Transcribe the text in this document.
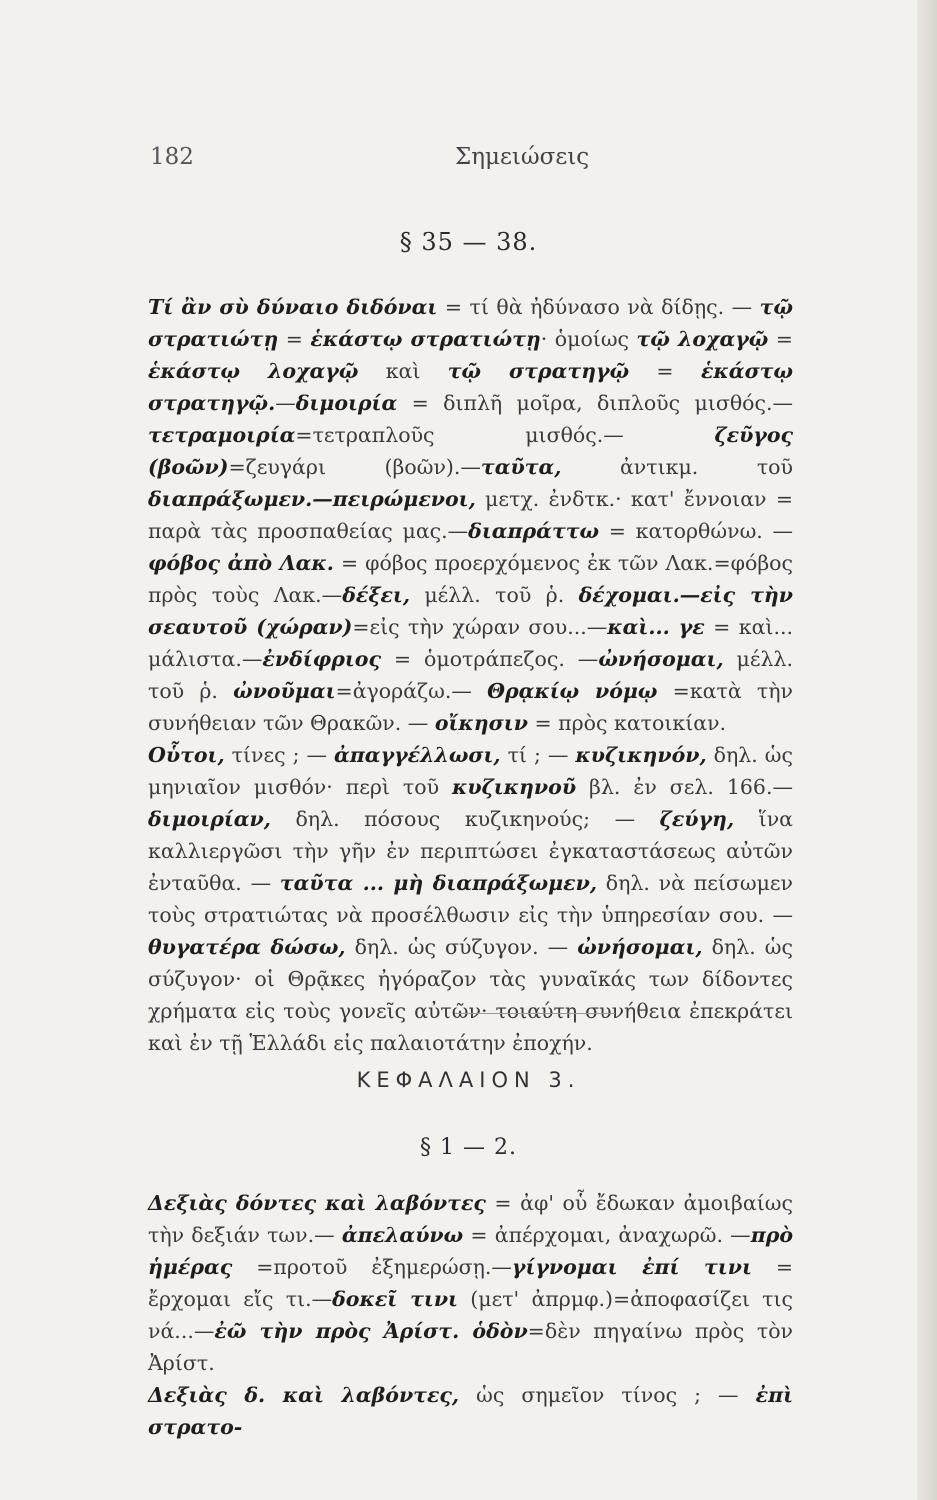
182	Σημειώσεις
§ 35 — 38.

Τί ἂν σὺ δύναιο διδόναι = τί θὰ ἠδύνασο νὰ δίδῃς. — τῷ στρατιώτῃ = ἑκάστῳ στρατιώτῃ· ὁμοίως τῷ λοχαγῷ = ἑκάστῳ λοχαγῷ καὶ τῷ στρατηγῷ = ἑκάστῳ στρατηγῷ.—διμοιρία = διπλῆ μοῖρα, διπλοῦς μισθός.—τετραμοιρία=τετραπλοῦς μισθός.— ζεῦγος (βοῶν)=ζευγάρι (βοῶν).—ταῦτα, ἀντικμ. τοῦ διαπράξωμεν.—πειρώμενοι, μετχ. ἐνδτκ.· κατ' ἔννοιαν = παρὰ τὰς προσπαθείας μας.—διαπράττω = κατορθώνω. — φόβος ἀπὸ Λακ. = φόβος προερχόμενος ἐκ τῶν Λακ.=φόβος πρὸς τοὺς Λακ.—δέξει, μέλλ. τοῦ ῥ. δέχομαι.—εἰς τὴν σεαυτοῦ (χώραν)=εἰς τὴν χώραν σου...—καὶ... γε = καὶ... μάλιστα.—ἐνδίφριος = ὁμοτράπεζος. —ὠνήσομαι, μέλλ. τοῦ ῥ. ὠνοῦμαι=ἀγοράζω.— Θρᾳκίῳ νόμῳ =κατὰ τὴν συνήθειαν τῶν Θρακῶν. — οἴκησιν = πρὸς κατοικίαν.

Οὗτοι, τίνες ; — ἀπαγγέλλωσι, τί ; — κυζικηνόν, δηλ. ὡς μηνιαῖον μισθόν· περὶ τοῦ κυζικηνοῦ βλ. ἐν σελ. 166.—διμοιρίαν, δηλ. πόσους κυζικηνούς; — ζεύγη, ἵνα καλλιεργῶσι τὴν γῆν ἐν περιπτώσει ἐγκαταστάσεως αὐτῶν ἐνταῦθα. — ταῦτα ... μὴ διαπράξωμεν, δηλ. νὰ πείσωμεν τοὺς στρατιώτας νὰ προσέλθωσιν εἰς τὴν ὑπηρεσίαν σου. — θυγατέρα δώσω, δηλ. ὡς σύζυγον. — ὠνήσομαι, δηλ. ὡς σύζυγον· οἱ Θρᾷκες ἠγόραζον τὰς γυναῖκάς των δίδοντες χρήματα εἰς τοὺς γονεῖς αὐτῶν· τοιαύτη συνήθεια ἐπεκράτει καὶ ἐν τῇ Ἑλλάδι εἰς παλαιοτάτην ἐποχήν.

ΚΕΦΑΛΑΙΟΝ 3.
§ 1 — 2.

Δεξιὰς δόντες καὶ λαβόντες = ἀφ' οὗ ἔδωκαν ἀμοιβαίως τὴν δεξιάν των.— ἀπελαύνω = ἀπέρχομαι, ἀναχωρῶ. —πρὸ ἡμέρας =προτοῦ ἐξημερώσῃ.—γίγνομαι ἐπί τινι = ἔρχομαι εἴς τι.—δοκεῖ τινι (μετ' ἀπρμφ.)=ἀποφασίζει τις νά...—ἐῶ τὴν πρὸς Ἀρίστ. ὁδὸν=δὲν πηγαίνω πρὸς τὸν Ἀρίστ.

Δεξιὰς δ. καὶ λαβόντες, ὡς σημεῖον τίνος ; — ἐπὶ στρατο-
